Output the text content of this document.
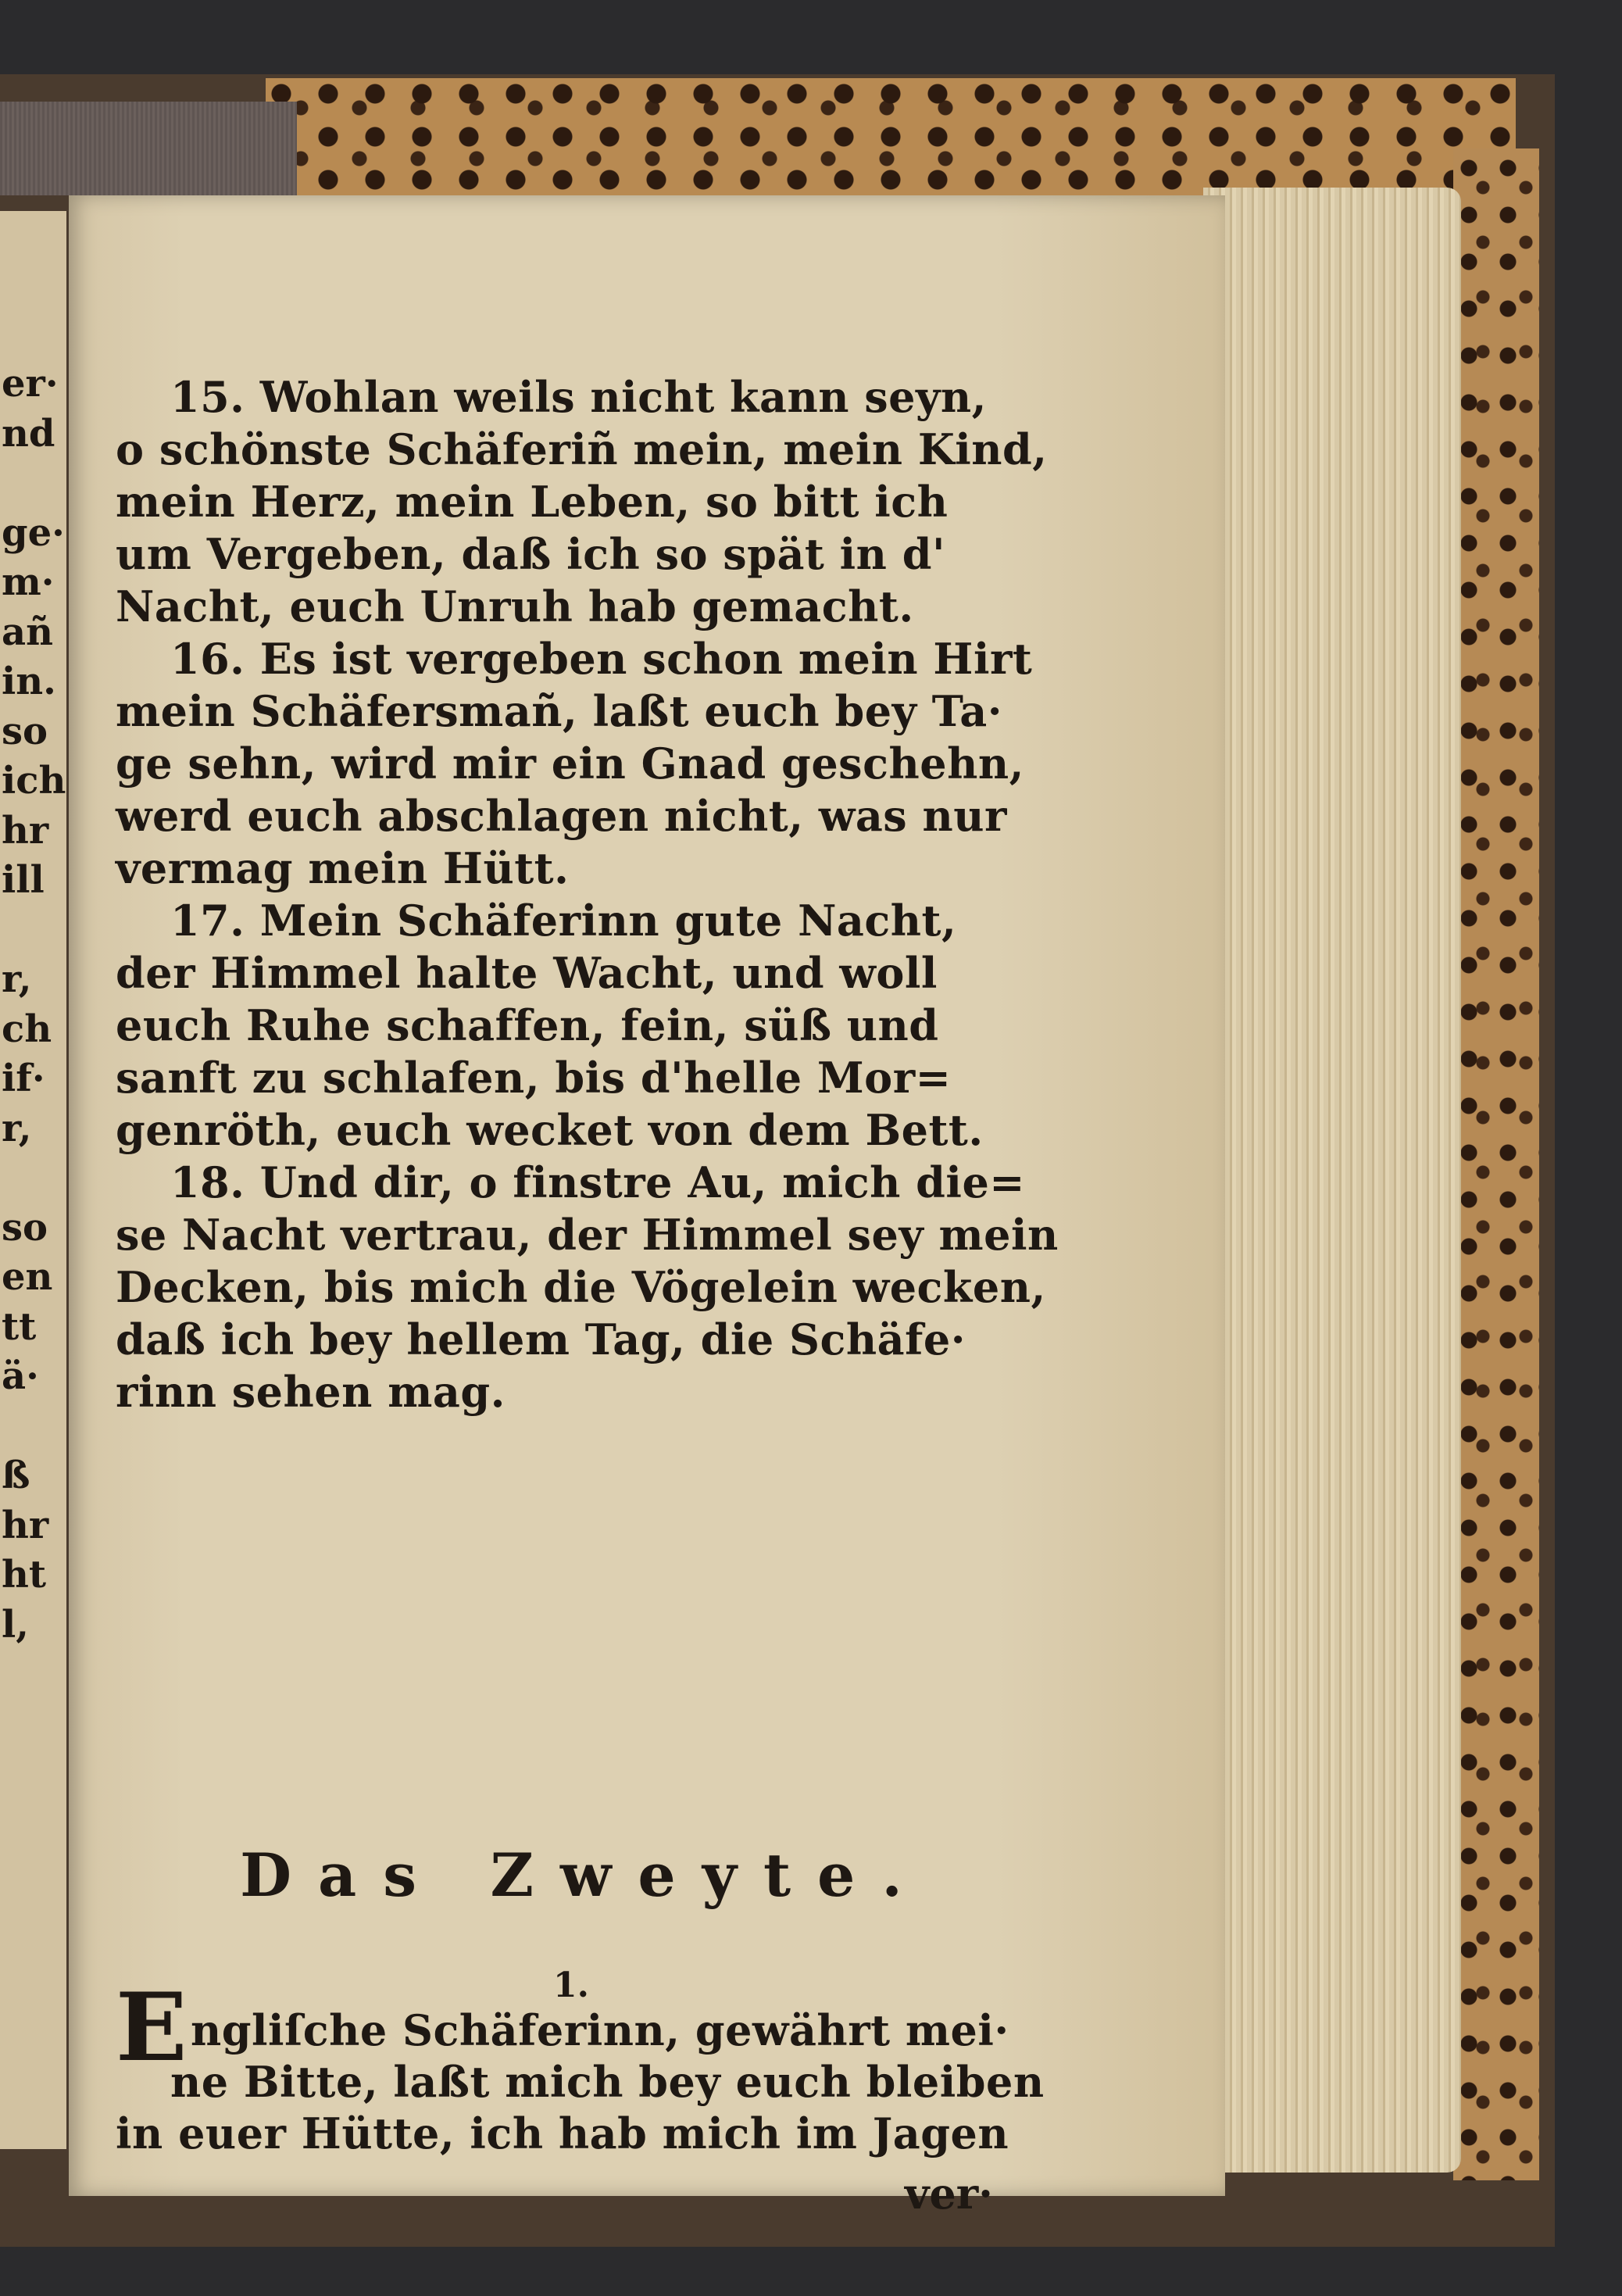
er·
nd
ge·
m·
añ
in.
so
ich
hr
ill
r,
ch
if·
r,
so
en
tt
ä·
ß
hr
ht
l,
15. Wohlan weils nicht kann seyn,
o schönste Schäferiñ mein, mein Kind,
mein Herz, mein Leben, so bitt ich
um Vergeben, daß ich so spät in d'
Nacht, euch Unruh hab gemacht.
16. Es ist vergeben schon mein Hirt
mein Schäfersmañ, laßt euch bey Ta·
ge sehn, wird mir ein Gnad geschehn,
werd euch abschlagen nicht, was nur
vermag mein Hütt.
17. Mein Schäferinn gute Nacht,
der Himmel halte Wacht, und woll
euch Ruhe schaffen, fein, süß und
sanft zu schlafen, bis d'helle Mor=
genröth, euch wecket von dem Bett.
18. Und dir, o finstre Au, mich die=
se Nacht vertrau, der Himmel sey mein
Decken, bis mich die Vögelein wecken,
daß ich bey hellem Tag, die Schäfe·
rinn sehen mag.
Das Zweyte.
1.
Engliſche Schäferinn, gewährt mei·
ne Bitte, laßt mich bey euch bleiben
in euer Hütte, ich hab mich im Jagen
ver·
